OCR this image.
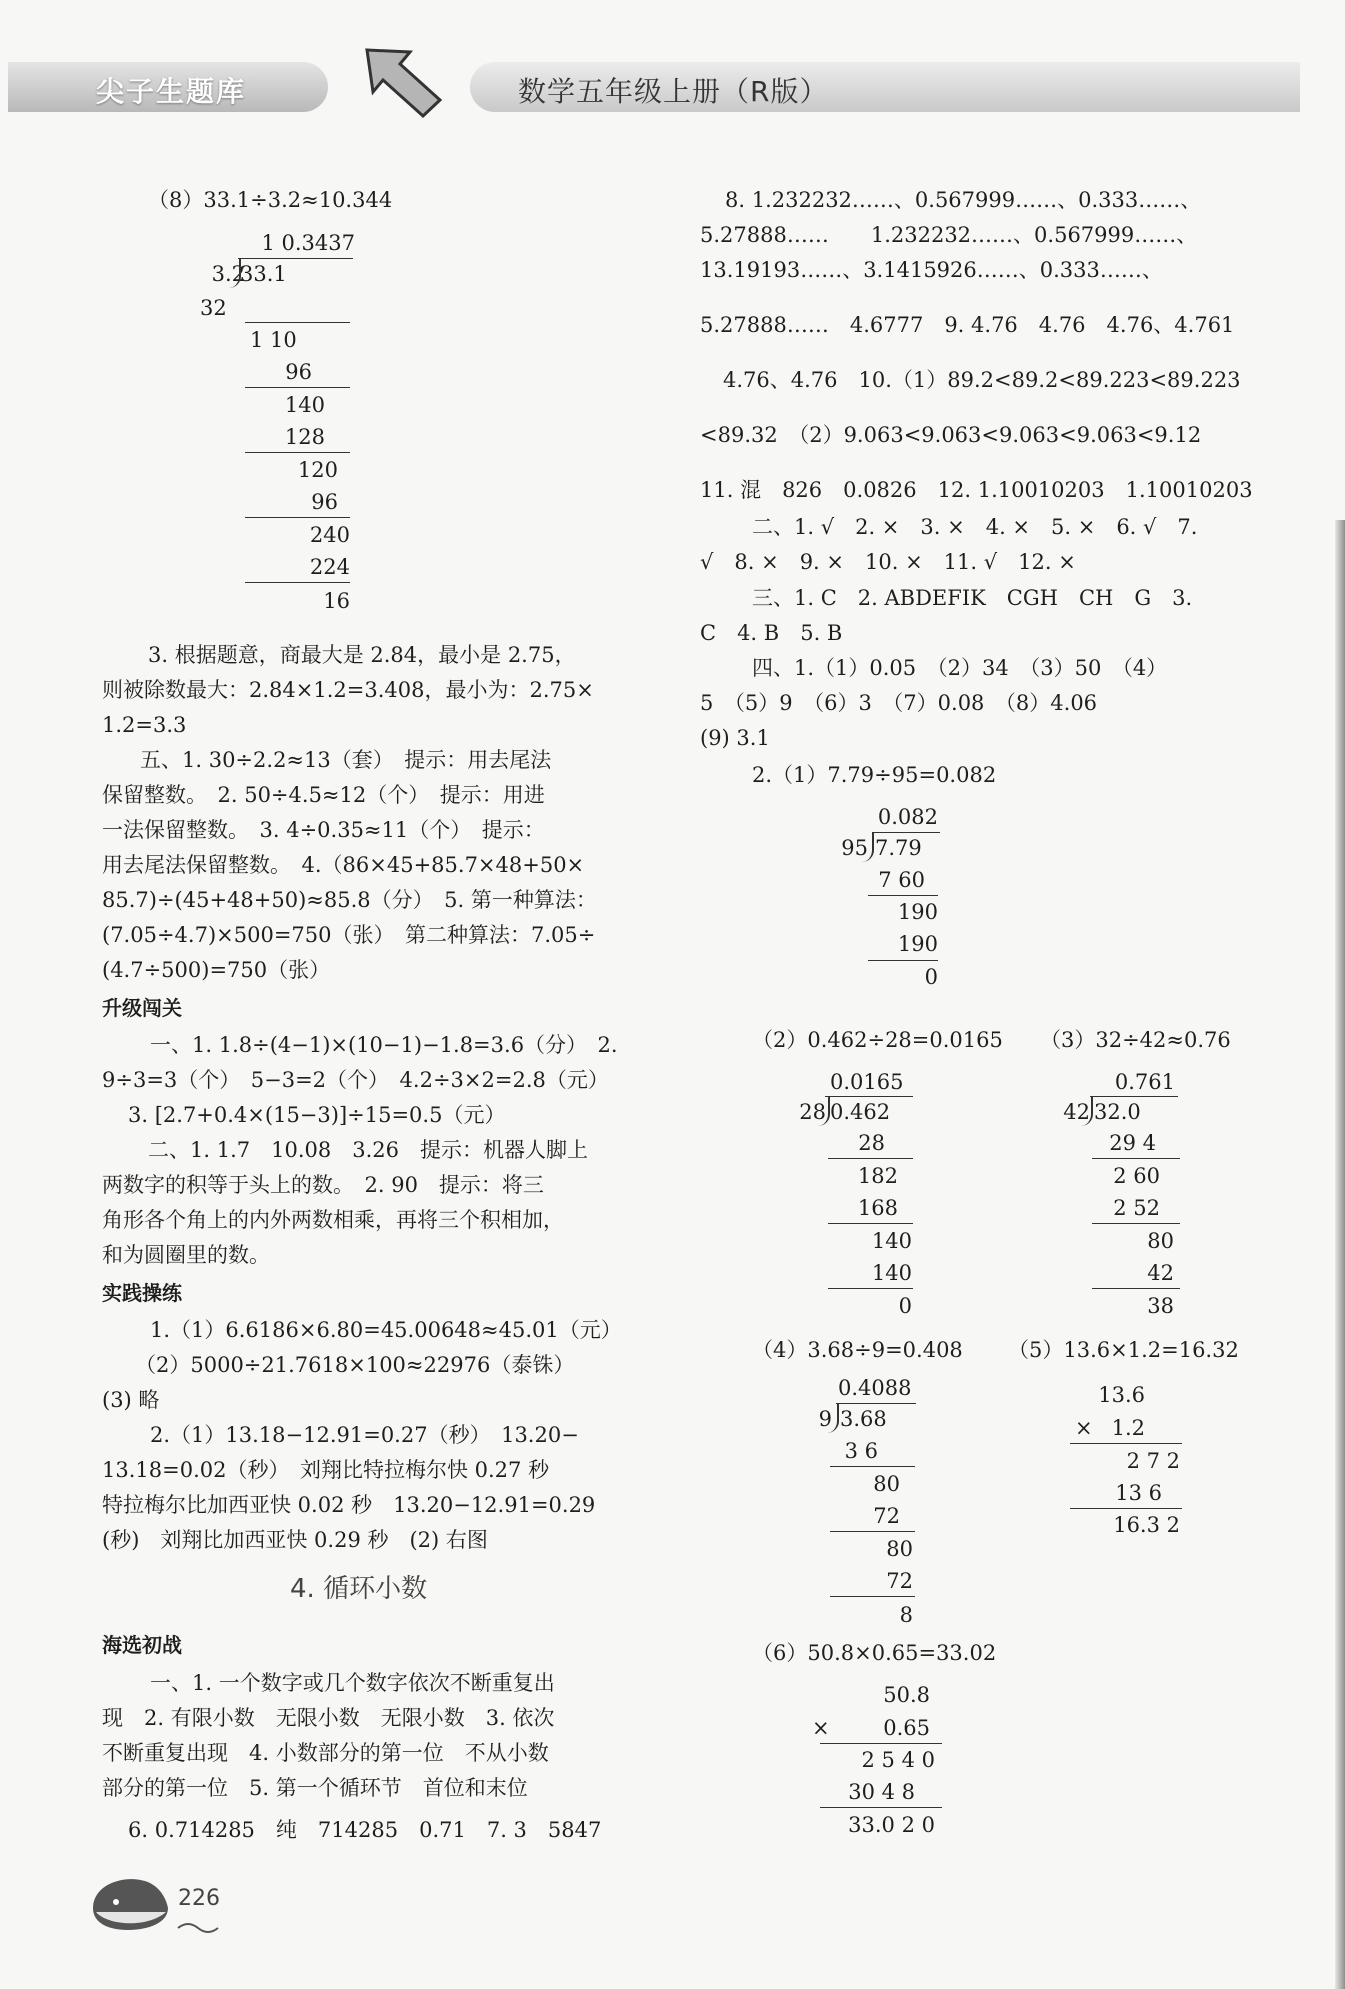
尖子生题库	数学五年级上册（R版）
（8）33.1÷3.2≈10.344
1 0.3437
3.2
33.1
32
1 10
96
140
128
120
96
240
224
16
3. 根据题意，商最大是 2.84，最小是 2.75，
则被除数最大：2.84×1.2=3.408，最小为：2.75×
1.2=3.3
五、1. 30÷2.2≈13（套）　提示：用去尾法
保留整数。　2. 50÷4.5≈12（个）　提示：用进
一法保留整数。　3. 4÷0.35≈11（个）　提示：
用去尾法保留整数。　4.（86×45+85.7×48+50×
85.7)÷(45+48+50)≈85.8（分）　5. 第一种算法：
(7.05÷4.7)×500=750（张）　第二种算法：7.05÷
(4.7÷500)=750（张）
升级闯关
一、1. 1.8÷(4−1)×(10−1)−1.8=3.6（分）　2.
9÷3=3（个）　5−3=2（个）　4.2÷3×2=2.8（元）
3. [2.7+0.4×(15−3)]÷15=0.5（元）
二、1. 1.7　10.08　3.26　提示：机器人脚上
两数字的积等于头上的数。　2. 90　提示：将三
角形各个角上的内外两数相乘，再将三个积相加，
和为圆圈里的数。
实践操练
1.（1）6.6186×6.80=45.00648≈45.01（元）
（2）5000÷21.7618×100≈22976（泰铢）
(3) 略
2.（1）13.18−12.91=0.27（秒）　13.20−
13.18=0.02（秒）　刘翔比特拉梅尔快 0.27 秒
特拉梅尔比加西亚快 0.02 秒　13.20−12.91=0.29
(秒)　刘翔比加西亚快 0.29 秒　(2) 右图
4. 循环小数
海选初战
一、1. 一个数字或几个数字依次不断重复出
现　2. 有限小数　无限小数　无限小数　3. 依次
不断重复出现　4. 小数部分的第一位　不从小数
部分的第一位　5. 第一个循环节　首位和末位
6. 0.714285　纯　714285　0.71　7. 3　5847
226
8. 1.232232……、0.567999……、0.333……、
5.27888……　　1.232232……、0.567999……、
13.19193……、3.1415926……、0.333……、
5.27888……　4.6777　9. 4.76　4.76　4.76、4.761
4.76、4.76　10.（1）89.2<89.2<89.223<89.223
<89.32　（2）9.063<9.063<9.063<9.063<9.12
11. 混　826　0.0826　12. 1.10010203　1.10010203
二、1. √　2. ×　3. ×　4. ×　5. ×　6. √　7.
√　8. ×　9. ×　10. ×　11. √　12. ×
三、1. C　2. ABDEFIK　CGH　CH　G　3.
C　4. B　5. B
四、1.（1）0.05　（2）34　（3）50　（4）
5　（5）9　（6）3　（7）0.08　（8）4.06
(9) 3.1
2.（1）7.79÷95=0.082
0.082
95 7.79
7 60
190
190
0
（2）0.462÷28=0.0165 （3）32÷42≈0.76
0.0165
28 0.462
28
182
168
140
140
0
0.761
42 32.0
29 4
2 60
2 52
80
42
38
（4）3.68÷9=0.408 （5）13.6×1.2=16.32
0.4088
9 3.68
3 6
80
72
80
72
8
13.6
× 1.2
2 7 2
13 6
16.3 2
（6）50.8×0.65=33.02
50.8
×	0.65
2 5 4 0
30 4 8
33.0 2 0
